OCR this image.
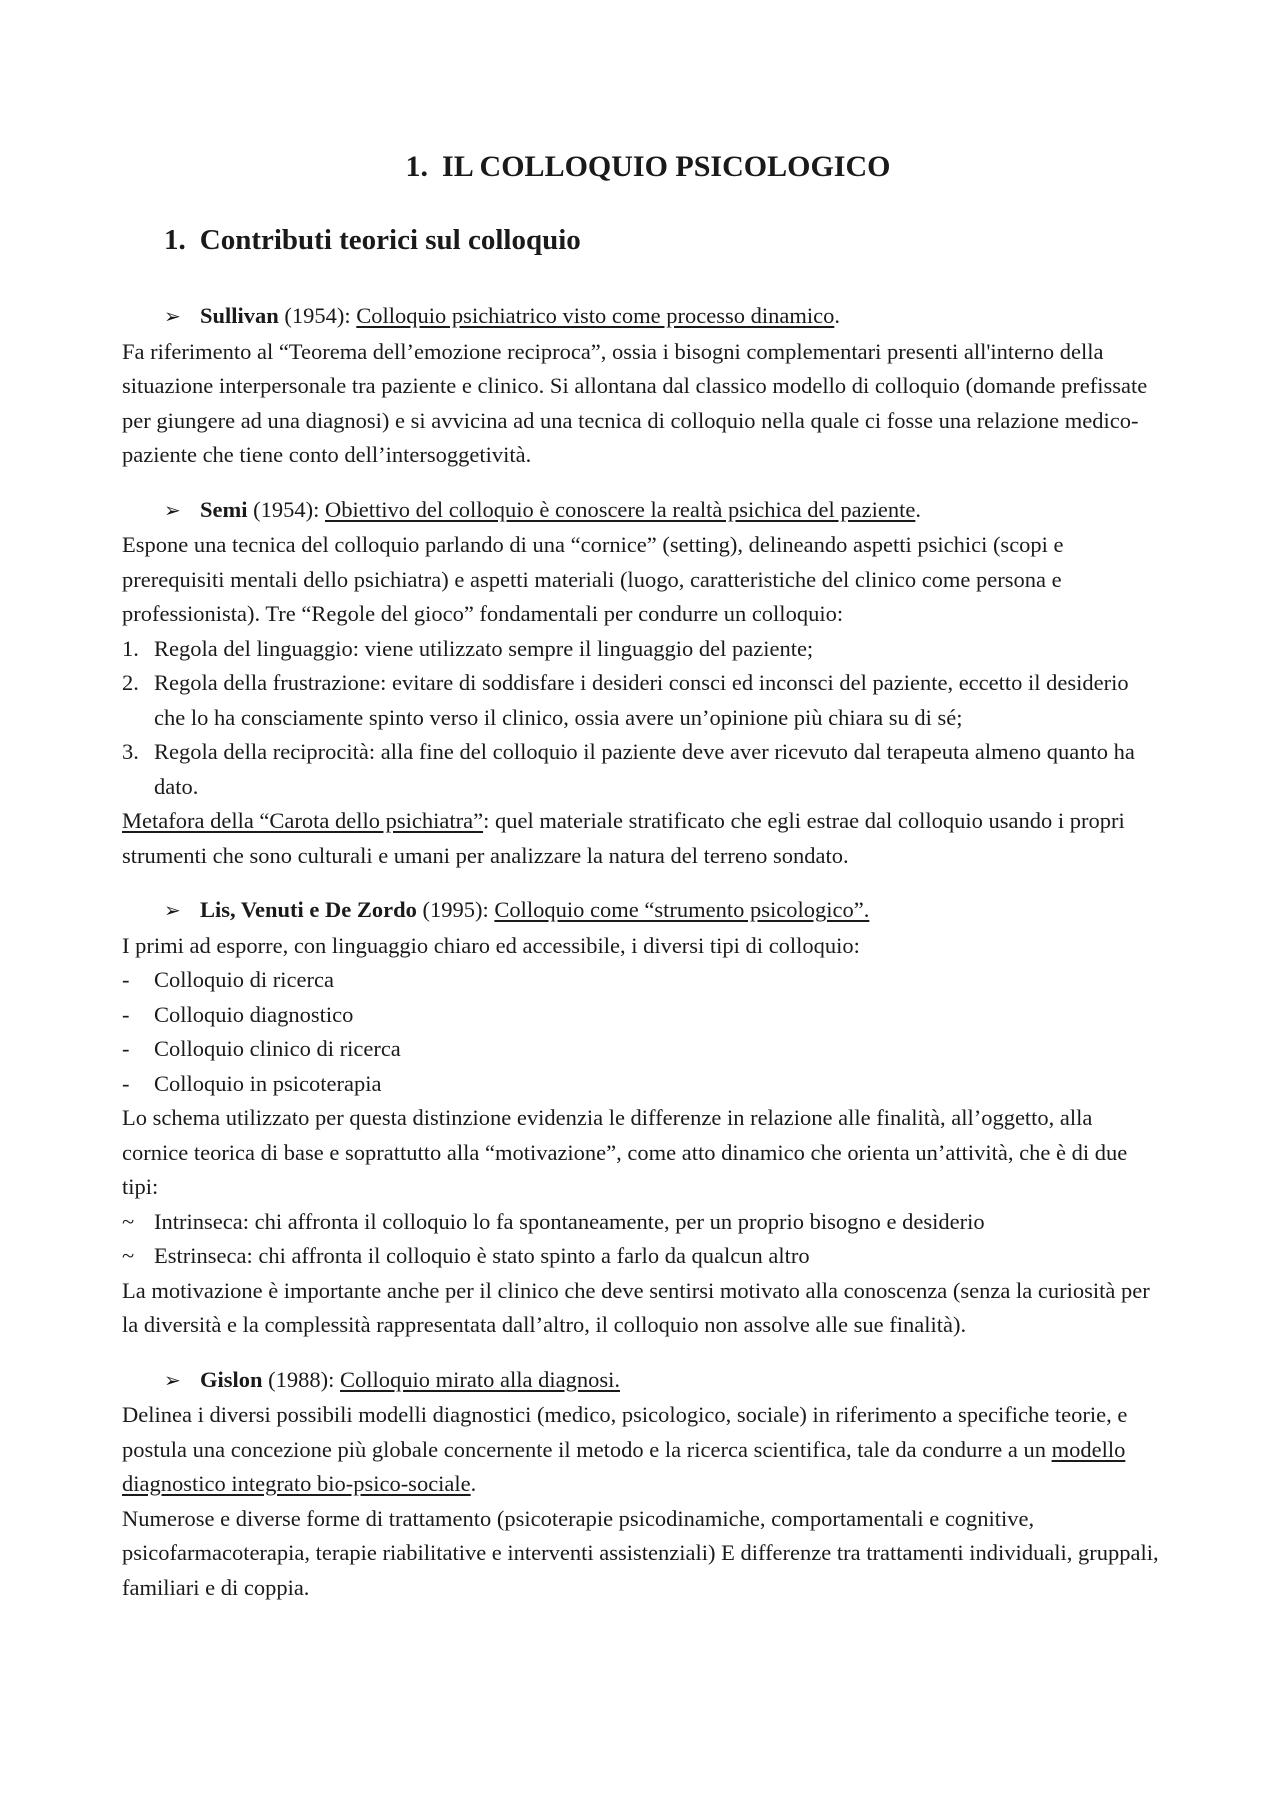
1. IL COLLOQUIO PSICOLOGICO
1. Contributi teorici sul colloquio
➢ Sullivan (1954): Colloquio psichiatrico visto come processo dinamico.

Fa riferimento al “Teorema dell’emozione reciproca”, ossia i bisogni complementari presenti all'interno della situazione interpersonale tra paziente e clinico. Si allontana dal classico modello di colloquio (domande prefissate per giungere ad una diagnosi) e si avvicina ad una tecnica di colloquio nella quale ci fosse una relazione medico-paziente che tiene conto dell’intersoggetività.

➢ Semi (1954): Obiettivo del colloquio è conoscere la realtà psichica del paziente.

Espone una tecnica del colloquio parlando di una “cornice” (setting), delineando aspetti psichici (scopi e prerequisiti mentali dello psichiatra) e aspetti materiali (luogo, caratteristiche del clinico come persona e professionista). Tre “Regole del gioco” fondamentali per condurre un colloquio:

1. Regola del linguaggio: viene utilizzato sempre il linguaggio del paziente;
2. Regola della frustrazione: evitare di soddisfare i desideri consci ed inconsci del paziente, eccetto il desiderio che lo ha consciamente spinto verso il clinico, ossia avere un’opinione più chiara su di sé;
3. Regola della reciprocità: alla fine del colloquio il paziente deve aver ricevuto dal terapeuta almeno quanto ha dato.

Metafora della “Carota dello psichiatra”: quel materiale stratificato che egli estrae dal colloquio usando i propri strumenti che sono culturali e umani per analizzare la natura del terreno sondato.

➢ Lis, Venuti e De Zordo (1995): Colloquio come “strumento psicologico”.

I primi ad esporre, con linguaggio chiaro ed accessibile, i diversi tipi di colloquio:

- Colloquio di ricerca
- Colloquio diagnostico
- Colloquio clinico di ricerca
- Colloquio in psicoterapia

Lo schema utilizzato per questa distinzione evidenzia le differenze in relazione alle finalità, all’oggetto, alla cornice teorica di base e soprattutto alla “motivazione”, come atto dinamico che orienta un’attività, che è di due tipi:

~ Intrinseca: chi affronta il colloquio lo fa spontaneamente, per un proprio bisogno e desiderio
~ Estrinseca: chi affronta il colloquio è stato spinto a farlo da qualcun altro

La motivazione è importante anche per il clinico che deve sentirsi motivato alla conoscenza (senza la curiosità per la diversità e la complessità rappresentata dall’altro, il colloquio non assolve alle sue finalità).

➢ Gislon (1988): Colloquio mirato alla diagnosi.

Delinea i diversi possibili modelli diagnostici (medico, psicologico, sociale) in riferimento a specifiche teorie, e postula una concezione più globale concernente il metodo e la ricerca scientifica, tale da condurre a un modello diagnostico integrato bio-psico-sociale.

Numerose e diverse forme di trattamento (psicoterapie psicodinamiche, comportamentali e cognitive, psicofarmacoterapia, terapie riabilitative e interventi assistenziali) E differenze tra trattamenti individuali, gruppali, familiari e di coppia.
